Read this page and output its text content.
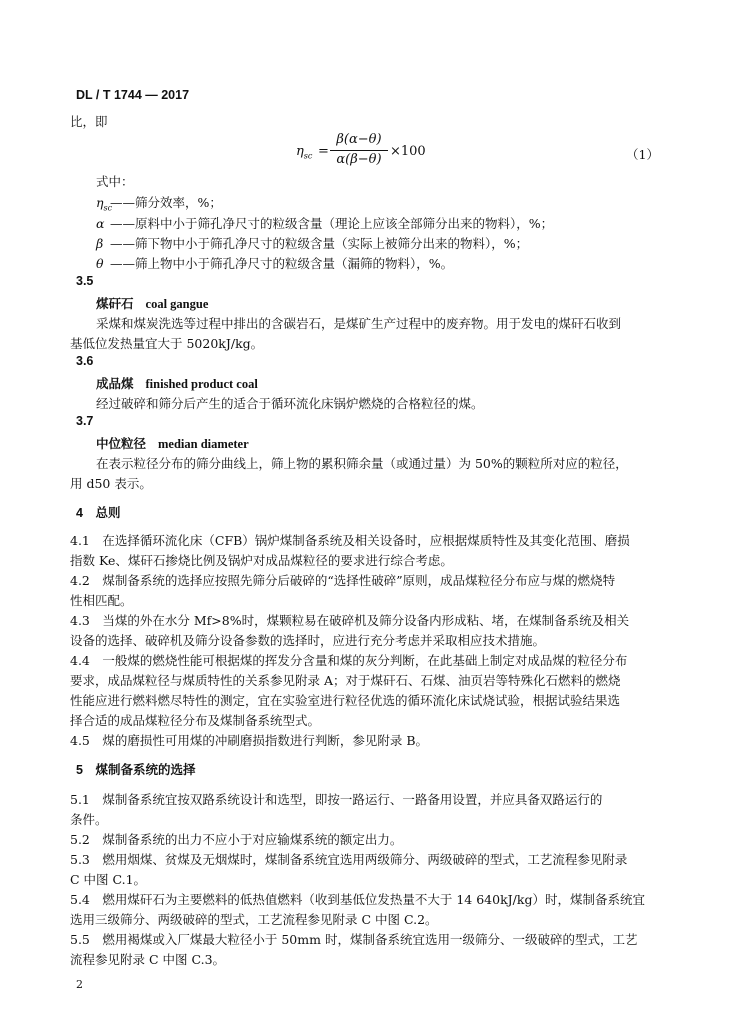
DL / T 1744 — 2017
比，即
$\eta_{sc}$ =
β(α−θ)
α(β−θ)
×100	（1）
式中：
$\eta_{sc}——$筛分效率，%；
α ——原料中小于筛孔净尺寸的粒级含量（理论上应该全部筛分出来的物料），%；
β ——筛下物中小于筛孔净尺寸的粒级含量（实际上被筛分出来的物料），%；
θ ——筛上物中小于筛孔净尺寸的粒级含量（漏筛的物料），%。
3.5
煤矸石 coal gangue
采煤和煤炭洗选等过程中排出的含碳岩石，是煤矿生产过程中的废弃物。用于发电的煤矸石收到
基低位发热量宜大于 5020kJ/kg。
3.6
成品煤 finished product coal
经过破碎和筛分后产生的适合于循环流化床锅炉燃烧的合格粒径的煤。
3.7
中位粒径 median diameter
在表示粒径分布的筛分曲线上，筛上物的累积筛余量（或通过量）为 50%的颗粒所对应的粒径，
用 d50 表示。
4　总则
4.1　在选择循环流化床（CFB）锅炉煤制备系统及相关设备时，应根据煤质特性及其变化范围、磨损
指数 Ke、煤矸石掺烧比例及锅炉对成品煤粒径的要求进行综合考虑。
4.2　煤制备系统的选择应按照先筛分后破碎的“选择性破碎”原则，成品煤粒径分布应与煤的燃烧特
性相匹配。
4.3　当煤的外在水分 Mf>8%时，煤颗粒易在破碎机及筛分设备内形成粘、堵，在煤制备系统及相关
设备的选择、破碎机及筛分设备参数的选择时，应进行充分考虑并采取相应技术措施。
4.4　一般煤的燃烧性能可根据煤的挥发分含量和煤的灰分判断，在此基础上制定对成品煤的粒径分布
要求，成品煤粒径与煤质特性的关系参见附录 A；对于煤矸石、石煤、油页岩等特殊化石燃料的燃烧
性能应进行燃料燃尽特性的测定，宜在实验室进行粒径优选的循环流化床试烧试验，根据试验结果选
择合适的成品煤粒径分布及煤制备系统型式。
4.5　煤的磨损性可用煤的冲刷磨损指数进行判断，参见附录 B。
5　煤制备系统的选择
5.1　煤制备系统宜按双路系统设计和选型，即按一路运行、一路备用设置，并应具备双路运行的
条件。
5.2　煤制备系统的出力不应小于对应输煤系统的额定出力。
5.3　燃用烟煤、贫煤及无烟煤时，煤制备系统宜选用两级筛分、两级破碎的型式，工艺流程参见附录
C 中图 C.1。
5.4　燃用煤矸石为主要燃料的低热值燃料（收到基低位发热量不大于 14 640kJ/kg）时，煤制备系统宜
选用三级筛分、两级破碎的型式，工艺流程参见附录 C 中图 C.2。
5.5　燃用褐煤或入厂煤最大粒径小于 50mm 时，煤制备系统宜选用一级筛分、一级破碎的型式，工艺
流程参见附录 C 中图 C.3。
2
